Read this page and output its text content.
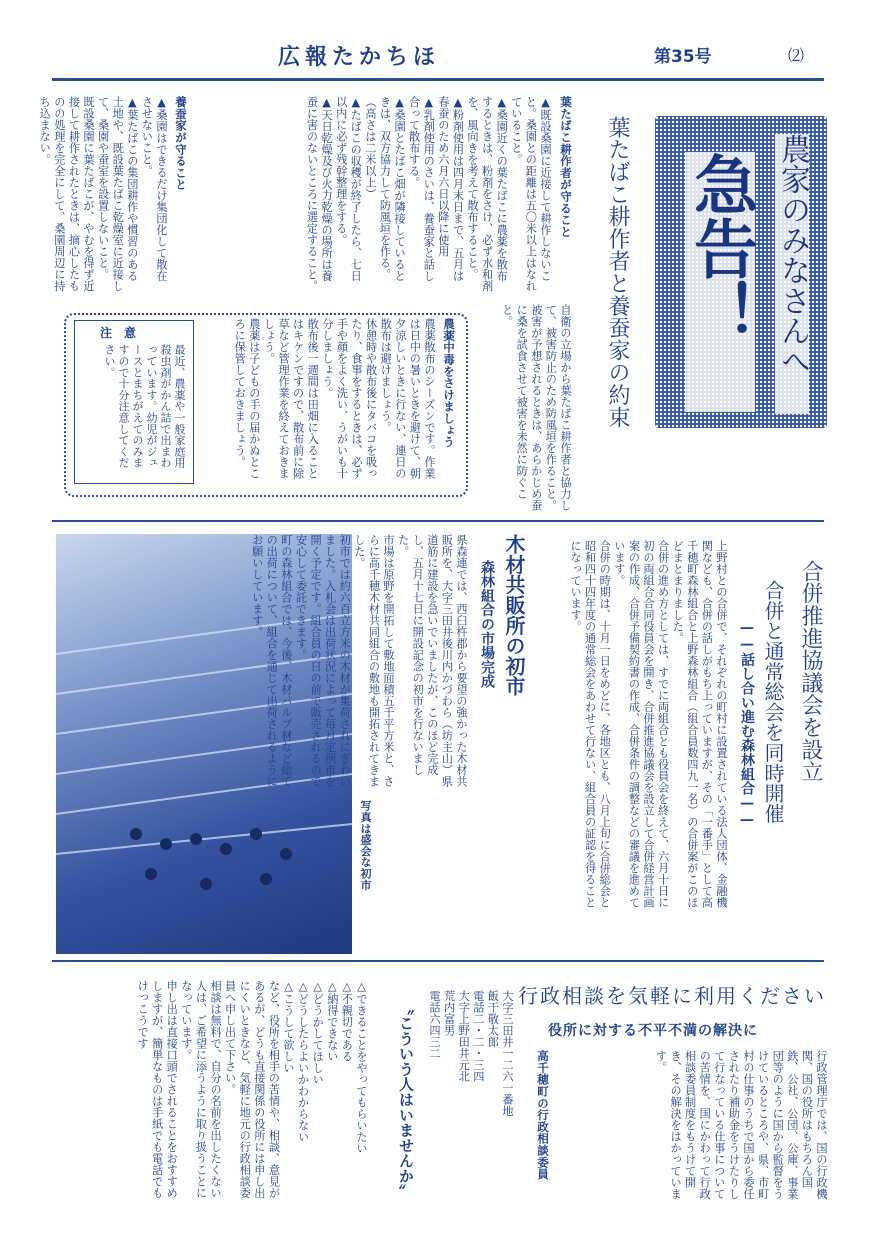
広報たかちほ	第35号	⑵
農家のみなさんへ
急告！
葉たばこ耕作者と養蚕家の約束
自衛の立場から葉たばこ耕作者と協力して、被害防止のため防風垣を作ること。
被害が予想されるときは、あらかじめ蚕に桑を試食させて被害を未然に防ぐこと。
葉たばこ耕作者が守ること
▲既設桑園に近接して耕作しないこと。桑園との距離は五〇米以上はなれていること。
▲桑園近くの葉たばこに農薬を散布するときは、粉剤をさけ、必ず水和剤を、風向きを考えて散布すること。
▲粉剤使用は四月末日まで、五月は春蚕のため六月六日以降に使用
▲乳剤使用のさいは、養蚕家と話し合って散布する。
▲桑園とたばこ畑が隣接しているときは、双方協力して防風垣を作る。（高さは二米以上）
▲たばこの収穫が終了したら、七日以内に必ず残幹整理をする。
▲天日乾燥及び火力乾燥の場所は養蚕に害のないところに選定すること。
養蚕家が守ること
▲桑園はできるだけ集団化して散在させないこと。
▲葉たばこの集団耕作や慣習のある土地や、既設葉たばこ乾燥室に近接して、桑園や蚕室を設置しないこと。
既設桑園に葉たばこが、やむを得ず近接して耕作されたときは、摘心したものの処理を完全にして、桑園周辺に持ち込まない。
農薬中毒をさけましょう
農薬散布のシーズンです。作業は日中の暑いときを避けて、朝夕涼しいときに行ない、連日の散布は避けましょう。
休憩時や散布後にタバコを吸ったり、食事をするときは、必ず手や顔をよく洗い、うがいも十分しましょう。
散布後一週間は田畑に入ることはキケンですので、散布前に除草など管理作業を終えておきましょう。
農薬は子どもの手の届かぬところに保管しておきましょう。
注　意
最近、農薬や一般家庭用殺虫剤がかん詰で出まわっています。幼児がジュースとまちがえてのみますので十分注意してください。
合併推進協議会を設立
合併と通常総会を同時開催
——話し合い進む森林組合——
上野村との合併で、それぞれの町村に設置されている法人団体、金融機関なども、合併の話しがもち上っていますが、その「一番手」として高千穂町森林組合と上野森林組合（組合員数四九一名）の合併案がこのほどまとまりました。
合併の進め方としては、すでに両組合とも役員会を終えて、六月十日に初の両組合合同役員会を開き、合併推進協議会を設立して合併経営計画案の作成、合併予備契約書の作成、合併条件の調整などの審議を進めています。
合併の時期は、十月一日をめどに、各地区とも、八月上旬に合併総会と昭和四十四年度の通常総会をあわせて行ない、組合員の証認を得ることになっています。
木材共販所の初市
森林組合の市場完成
県森連では、西臼杵郡から要望の強かった木材共販所を、大字三田井後川内かづわら（坊主山）県道筋に建設を急いでいましたが、このほど完成し、五月十七日に開設記念の初市を行ないました。
市場は原野を開拓して敷地面積五千平方米と、さらに高千穂木材共同組合の敷地も開拓されてきました。
初市では約六百立方米の木材が集荷されにぎわいました。入札会は出荷状況によって毎月定例市を開く予定です。組合員の日の前で販売されるので安心して委託できます。
町の森林組合では、今後、木材パルプ材など総ての出荷について、組合を通じて出荷されるようにお願いしています。
写真は盛会な初市
行政相談を気軽に利用ください
役所に対する不平不満の解決に
高千穂町の行政相談委員	行政管理庁では、国の行政機関、国の役所はもちろん国鉄、公社、公団、公庫、事業団等のように国から監督をうけているところや、県、市町村の仕事のうちで国から委任されたり補助金をうけたりして行なっている仕事についての苦情を、国にかわって行政相談委員制度をもうけて開き、その解決をはかっています。
大字三田井一二六一番地
飯干敬太郎
電話二・二・三四
大字上野田井元北
荒内富男
電話六四三二
〝こういう人はいませんか〟
△できることをやってもらいたい
△不親切である
△納得できない
△どうかしてほしい
△どうしたらよいかわからない
△こうして欲しい
など、役所を相手の苦情や、相談、意見があるが、どうも直接関係の役所には申し出にくいときなど、気軽に地元の行政相談委員へ申し出て下さい。
相談は無料で、自分の名前を出したくない人は、ご希望に添うように取り扱うことになっています。
申し出は直接口頭でされることをおすすめしますが、簡単なものは手紙でも電話でもけっこうです
